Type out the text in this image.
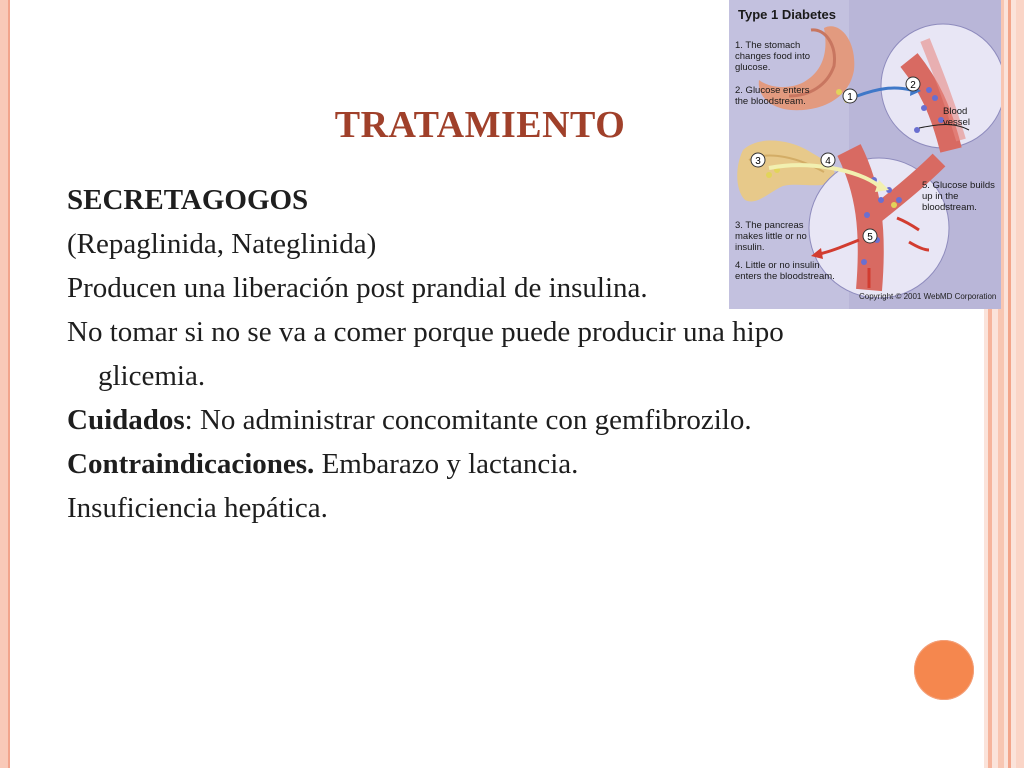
1
2
3	4
5
Type 1 Diabetes
1. The stomach changes food into glucose.
2. Glucose enters the bloodstream.
3. The pancreas makes little or no insulin.
4. Little or no insulin enters the bloodstream.
5. Glucose builds up in the bloodstream.
Blood vessel
Copyright © 2001 WebMD Corporation
TRATAMIENTO

SECRETAGOGOS

(Repaglinida, Nateglinida)

Producen una liberación post prandial de insulina.

No tomar si no se va a comer porque puede producir una hipo glicemia.

Cuidados: No administrar concomitante con gemfibrozilo.

Contraindicaciones. Embarazo y lactancia.

Insuficiencia hepática.
